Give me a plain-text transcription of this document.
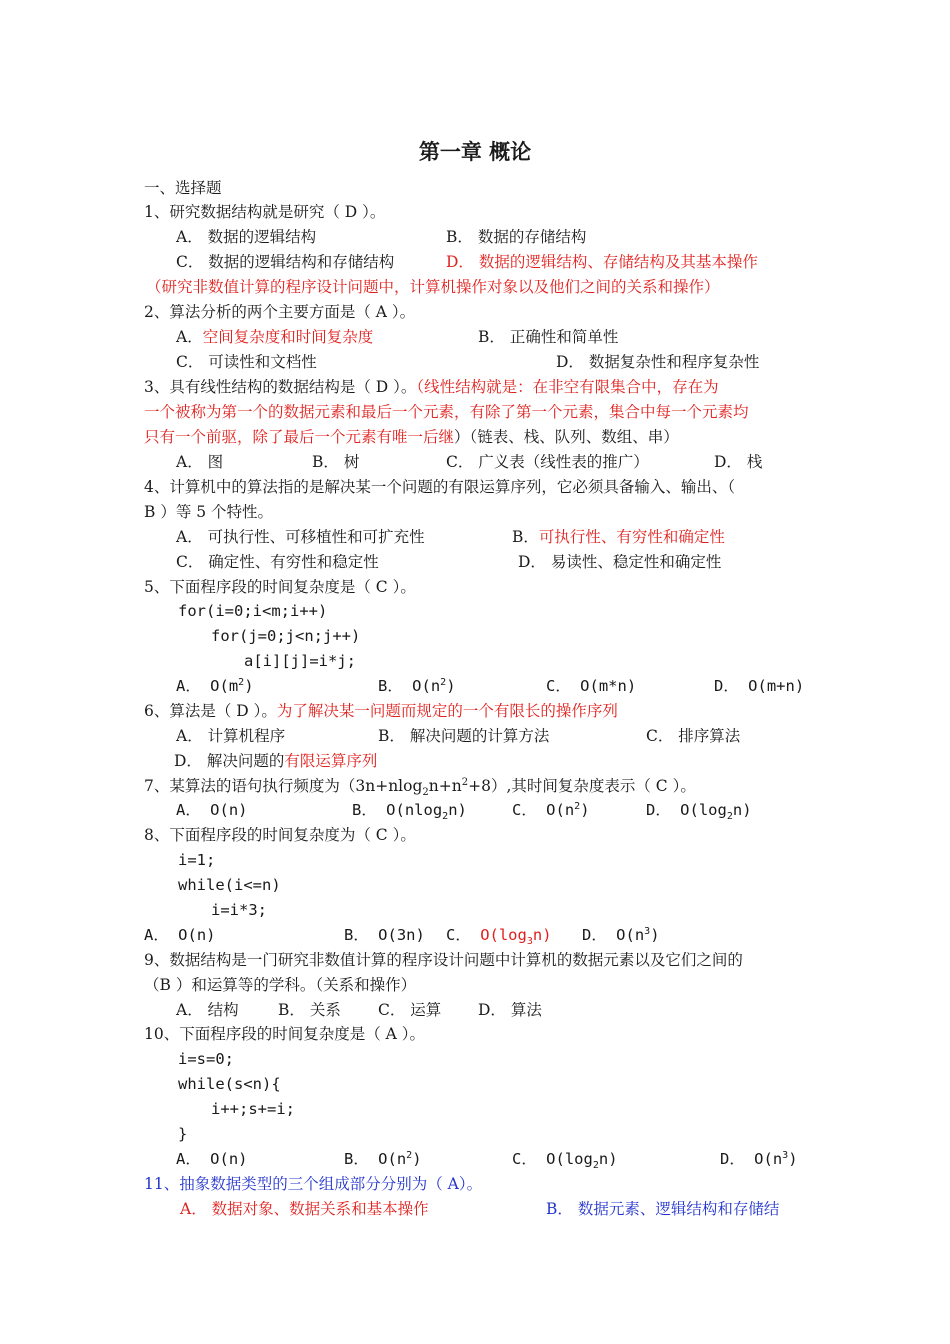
第一章 概论
一、选择题
1、研究数据结构就是研究（ D ）。
A． 数据的逻辑结构	B． 数据的存储结构
C． 数据的逻辑结构和存储结构	D． 数据的逻辑结构、存储结构及其基本操作
（研究非数值计算的程序设计问题中，计算机操作对象以及他们之间的关系和操作）
2、算法分析的两个主要方面是（ A ）。
A．空间复杂度和时间复杂度	B． 正确性和简单性
C． 可读性和文档性	D． 数据复杂性和程序复杂性
3、具有线性结构的数据结构是（ D ）。（线性结构就是：在非空有限集合中，存在为
一个被称为第一个的数据元素和最后一个元素，有除了第一个元素，集合中每一个元素均
只有一个前驱，除了最后一个元素有唯一后继）（链表、栈、队列、数组、串）
A． 图	B． 树	C． 广义表（线性表的推广）	D． 栈
4、计算机中的算法指的是解决某一个问题的有限运算序列，它必须具备输入、输出、（
B ）等 5 个特性。
A． 可执行性、可移植性和可扩充性	B．可执行性、有穷性和确定性
C． 确定性、有穷性和稳定性	D． 易读性、稳定性和确定性
5、下面程序段的时间复杂度是（ C ）。
for(i=0;i<m;i++)
for(j=0;j<n;j++)
a[i][j]=i*j;
A． $O(m^2)$	B． $O(n^2)$	C． O(m*n)	D． O(m+n)
6、算法是（ D ）。为了解决某一问题而规定的一个有限长的操作序列
A． 计算机程序	B． 解决问题的计算方法	C． 排序算法
D． 解决问题的有限运算序列
7、某算法的语句执行频度为$(3n+nlog_2n+n^2+8)$,其时间复杂度表示（ C ）。
A． O(n)	B． O(nlog$_2$n)	C． $O(n^2)$	D． $O(\log_2n)$
8、下面程序段的时间复杂度为（ C ）。
i=1;
while(i<=n)
i=i*3;
A． O(n)	B． O(3n) C． $O(\log_3n)$ D． $O(n^3)$
9、数据结构是一门研究非数值计算的程序设计问题中计算机的数据元素以及它们之间的
（B ）和运算等的学科。（关系和操作）
A． 结构	B． 关系 C． 运算 D． 算法
10、下面程序段的时间复杂度是（ A ）。
i=s=0;
while(s<n){
i++;s+=i;
}
A． O(n)	B． $O(n^2)$	C． $O(\log_2n)$	D． $O(n^3)$
11、抽象数据类型的三个组成部分分别为（ A）。
A． 数据对象、数据关系和基本操作	B． 数据元素、逻辑结构和存储结
